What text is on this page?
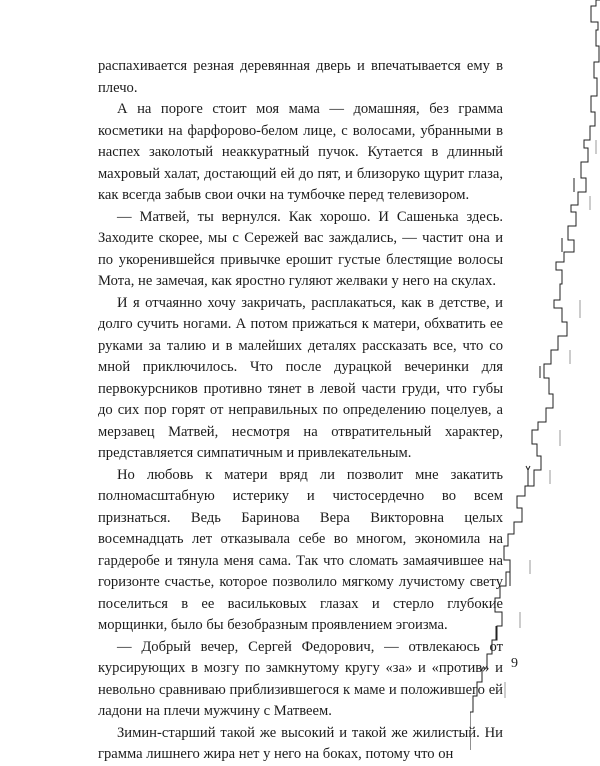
распахивается резная деревянная дверь и впечатывается ему в плечо.

А на пороге стоит моя мама — домашняя, без грамма косметики на фарфорово-белом лице, с волосами, убранными в наспех заколотый неаккуратный пучок. Кутается в длинный махровый халат, достающий ей до пят, и близоруко щурит глаза, как всегда забыв свои очки на тумбочке перед телевизором.

— Матвей, ты вернулся. Как хорошо. И Сашенька здесь. Заходите скорее, мы с Сережей вас заждались, — частит она и по укоренившейся привычке ерошит густые блестящие волосы Мота, не замечая, как яростно гуляют желваки у него на скулах.

И я отчаянно хочу закричать, расплакаться, как в детстве, и долго сучить ногами. А потом прижаться к матери, обхватить ее руками за талию и в малейших деталях рассказать все, что со мной приключилось. Что после дурацкой вечеринки для первокурсников противно тянет в левой части груди, что губы до сих пор горят от неправильных по определению поцелуев, а мерзавец Матвей, несмотря на отвратительный характер, представляется симпатичным и привлекательным.

Но любовь к матери вряд ли позволит мне закатить полномасштабную истерику и чистосердечно во всем признаться. Ведь Баринова Вера Викторовна целых восемнадцать лет отказывала себе во многом, экономила на гардеробе и тянула меня сама. Так что сломать замаячившее на горизонте счастье, которое позволило мягкому лучистому свету поселиться в ее васильковых глазах и стерло глубокие морщинки, было бы безобразным проявлением эгоизма.

— Добрый вечер, Сергей Федорович, — отвлекаюсь от курсирующих в мозгу по замкнутому кругу «за» и «против» и невольно сравниваю приблизившегося к маме и положившего ей ладони на плечи мужчину с Матвеем.

Зимин-старший такой же высокий и такой же жилистый. Ни грамма лишнего жира нет у него на боках, потому что он

9
